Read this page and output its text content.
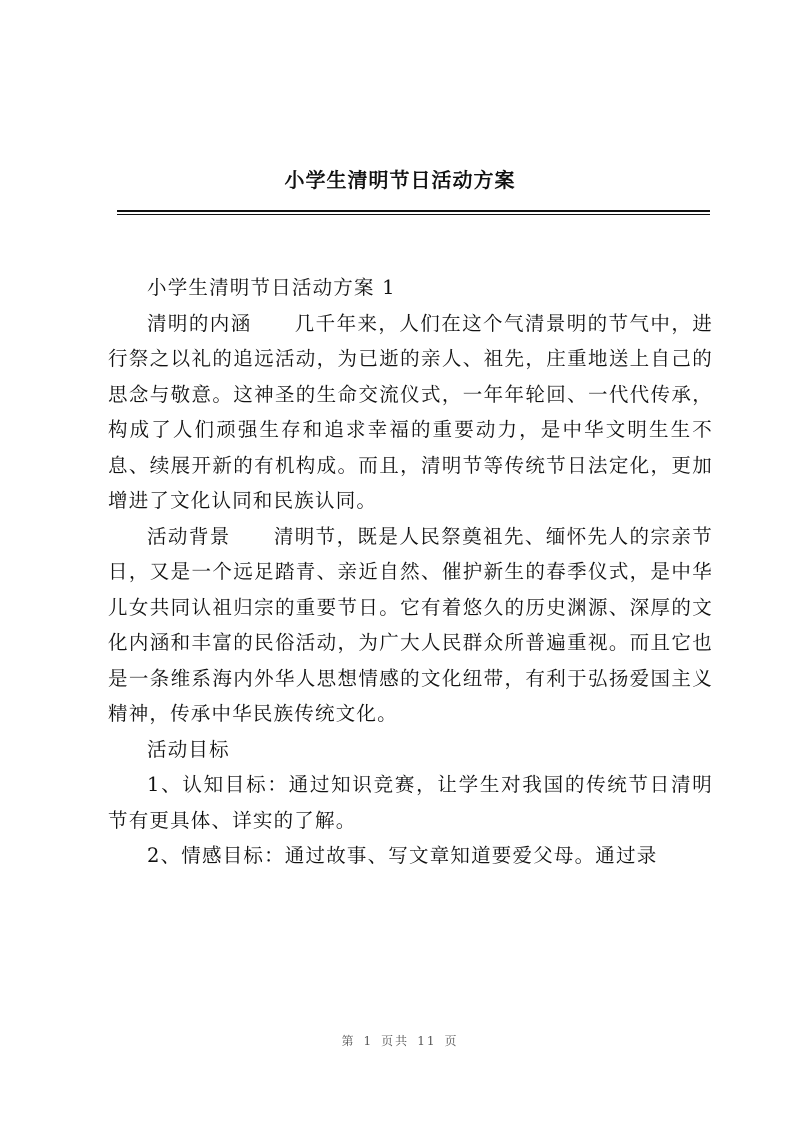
小学生清明节日活动方案

小学生清明节日活动方案 1

清明的内涵 几千年来，人们在这个气清景明的节气中，进行祭之以礼的追远活动，为已逝的亲人、祖先，庄重地送上自己的思念与敬意。这神圣的生命交流仪式，一年年轮回、一代代传承，构成了人们顽强生存和追求幸福的重要动力，是中华文明生生不息、续展开新的有机构成。而且，清明节等传统节日法定化，更加增进了文化认同和民族认同。

活动背景 清明节，既是人民祭奠祖先、缅怀先人的宗亲节日，又是一个远足踏青、亲近自然、催护新生的春季仪式，是中华儿女共同认祖归宗的重要节日。它有着悠久的历史渊源、深厚的文化内涵和丰富的民俗活动，为广大人民群众所普遍重视。而且它也是一条维系海内外华人思想情感的文化纽带，有利于弘扬爱国主义精神，传承中华民族传统文化。

活动目标

1、认知目标：通过知识竞赛，让学生对我国的传统节日清明节有更具体、详实的了解。

2、情感目标：通过故事、写文章知道要爱父母。通过录

第 1 页共 11 页
